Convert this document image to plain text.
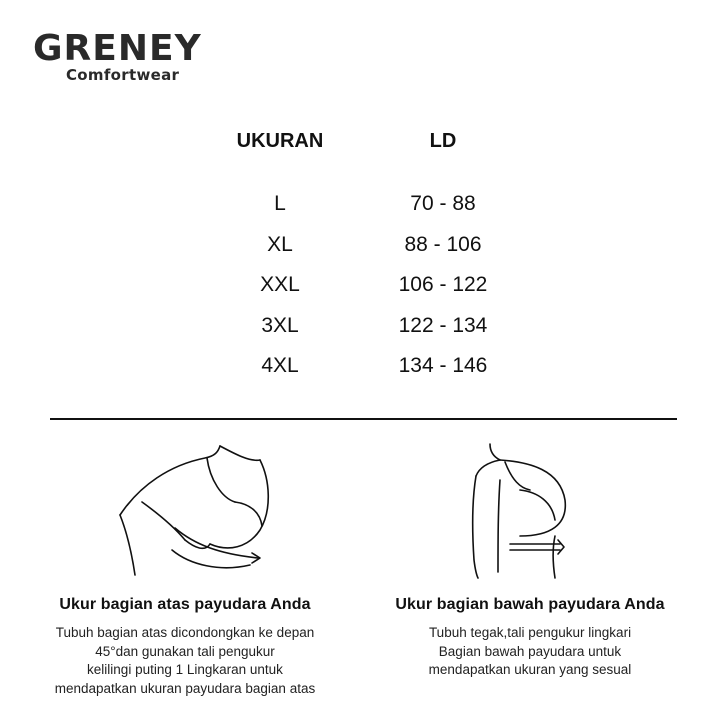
GRENEY
Comfortwear
UKURAN	LD
L	70 - 88
XL	88 - 106
XXL	106 - 122
3XL	122 - 134
4XL	134 - 146
Ukur bagian atas payudara Anda

Tubuh bagian atas dicondongkan ke depan
45°dan gunakan tali pengukur
kelilingi puting 1 Lingkaran untuk
mendapatkan ukuran payudara bagian atas

Ukur bagian bawah payudara Anda

Tubuh tegak,tali pengukur lingkari
Bagian bawah payudara untuk
mendapatkan ukuran yang sesual
